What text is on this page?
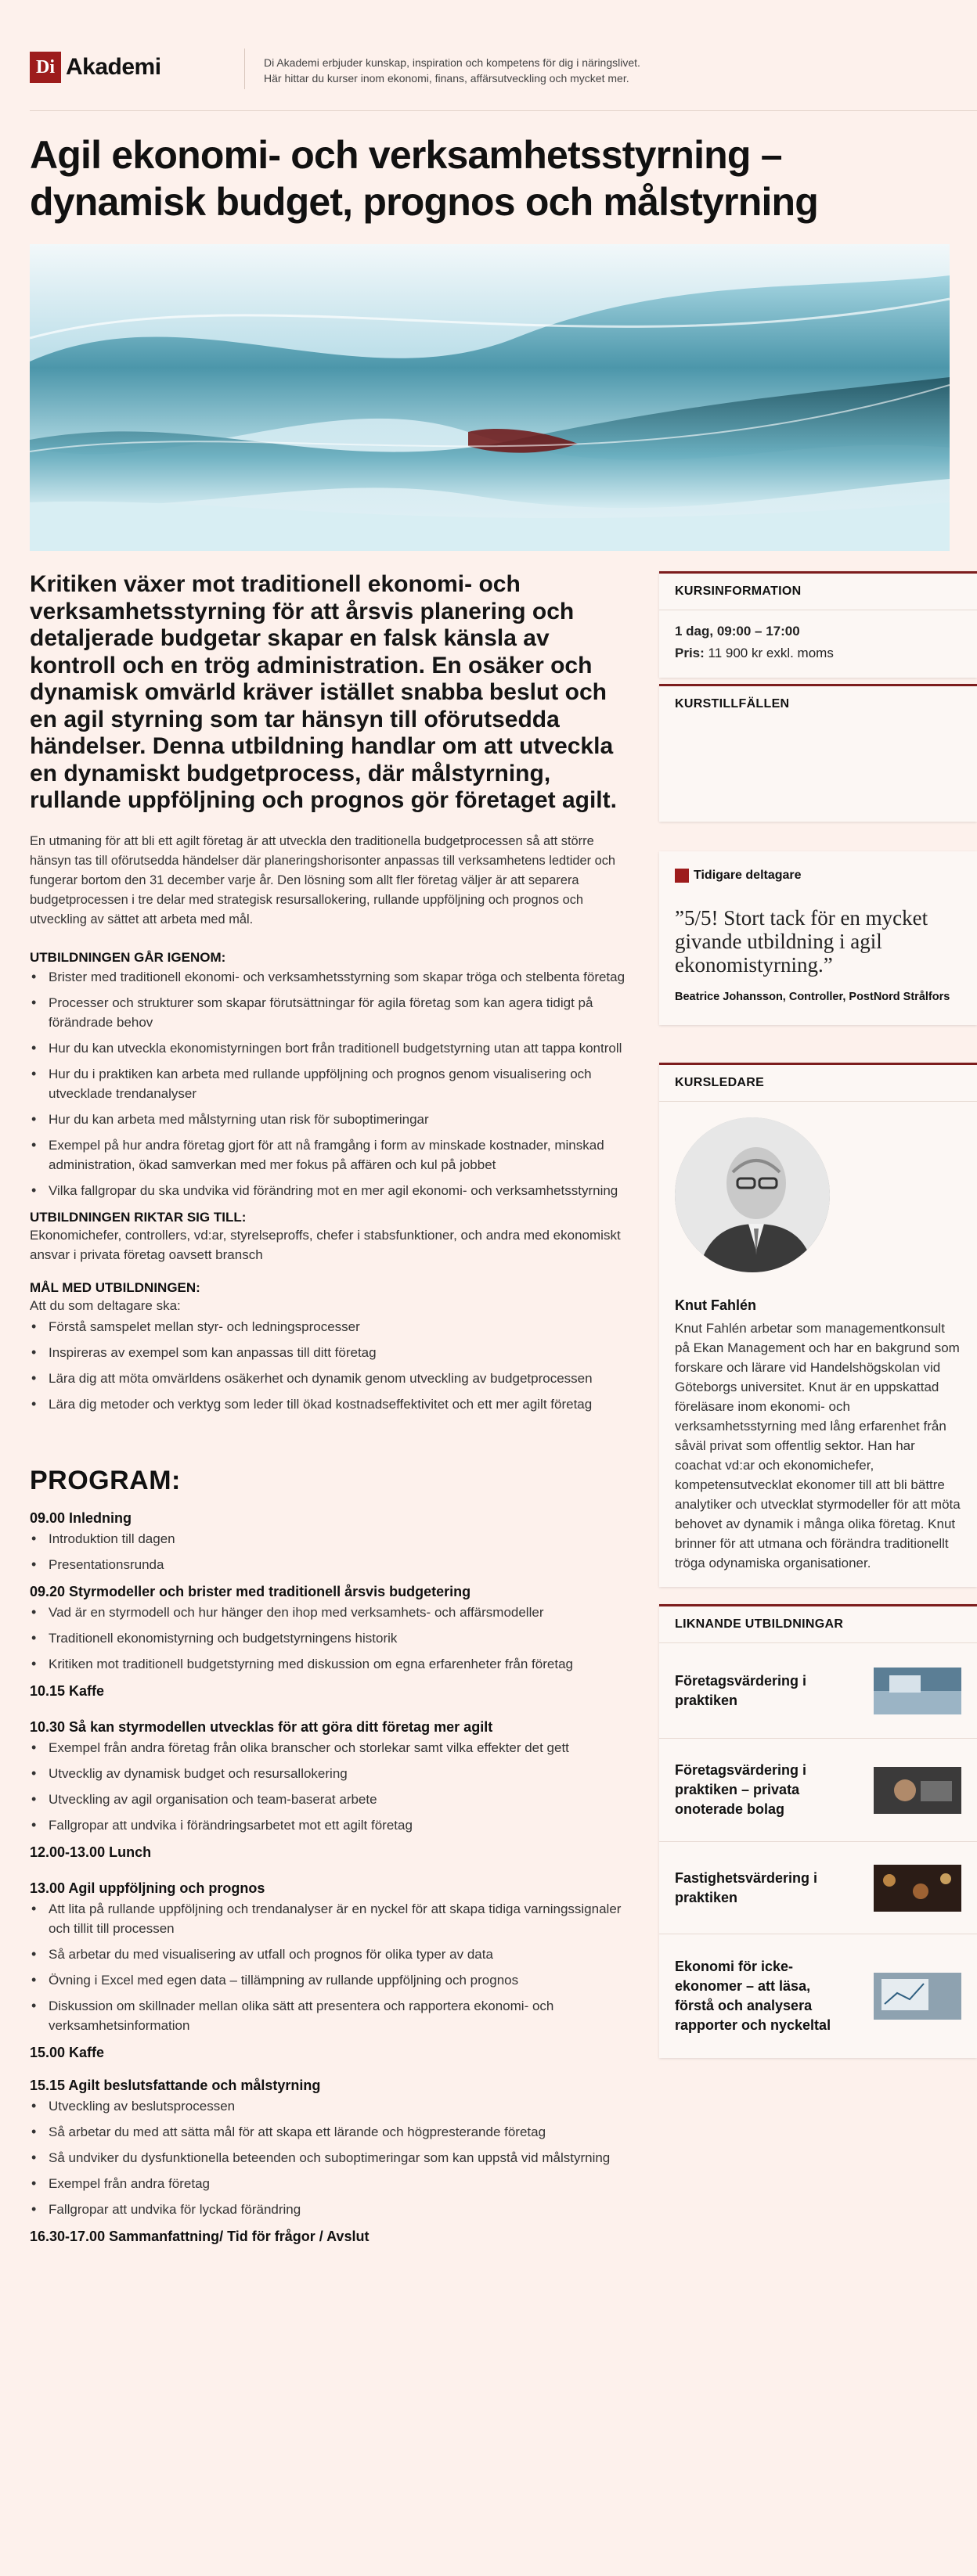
Di Akademi	Di Akademi erbjuder kunskap, inspiration och kompetens för dig i näringslivet.
Här hittar du kurser inom ekonomi, finans, affärsutveckling och mycket mer.
Agil ekonomi- och verksamhetsstyrning – dynamisk budget, prognos och målstyrning

Kritiken växer mot traditionell ekonomi- och verksamhetsstyrning för att årsvis planering och detaljerade budgetar skapar en falsk känsla av kontroll och en trög administration. En osäker och dynamisk omvärld kräver istället snabba beslut och en agil styrning som tar hänsyn till oförutsedda händelser. Denna utbildning handlar om att utveckla en dynamiskt budgetprocess, där målstyrning, rullande uppföljning och prognos gör företaget agilt.

En utmaning för att bli ett agilt företag är att utveckla den traditionella budgetprocessen så att större hänsyn tas till oförutsedda händelser där planeringshorisonter anpassas till verksamhetens ledtider och fungerar bortom den 31 december varje år. Den lösning som allt fler företag väljer är att separera budgetprocessen i tre delar med strategisk resursallokering, rullande uppföljning och prognos och utveckling av sättet att arbeta med mål.

UTBILDNINGEN GÅR IGENOM:
• Brister med traditionell ekonomi- och verksamhetsstyrning som skapar tröga och stelbenta företag
• Processer och strukturer som skapar förutsättningar för agila företag som kan agera tidigt på förändrade behov
• Hur du kan utveckla ekonomistyrningen bort från traditionell budgetstyrning utan att tappa kontroll
• Hur du i praktiken kan arbeta med rullande uppföljning och prognos genom visualisering och utvecklade trendanalyser
• Hur du kan arbeta med målstyrning utan risk för suboptimeringar
• Exempel på hur andra företag gjort för att nå framgång i form av minskade kostnader, minskad administration, ökad samverkan med mer fokus på affären och kul på jobbet
• Vilka fallgropar du ska undvika vid förändring mot en mer agil ekonomi- och verksamhetsstyrning
UTBILDNINGEN RIKTAR SIG TILL:

Ekonomichefer, controllers, vd:ar, styrelseproffs, chefer i stabsfunktioner, och andra med ekonomiskt ansvar i privata företag oavsett bransch

MÅL MED UTBILDNINGEN:

Att du som deltagare ska:

• Förstå samspelet mellan styr- och ledningsprocesser
• Inspireras av exempel som kan anpassas till ditt företag
• Lära dig att möta omvärldens osäkerhet och dynamik genom utveckling av budgetprocessen
• Lära dig metoder och verktyg som leder till ökad kostnadseffektivitet och ett mer agilt företag
PROGRAM:
09.00 Inledning
• Introduktion till dagen
• Presentationsrunda
09.20 Styrmodeller och brister med traditionell årsvis budgetering
• Vad är en styrmodell och hur hänger den ihop med verksamhets- och affärsmodeller
• Traditionell ekonomistyrning och budgetstyrningens historik
• Kritiken mot traditionell budgetstyrning med diskussion om egna erfarenheter från företag
10.15 Kaffe
10.30 Så kan styrmodellen utvecklas för att göra ditt företag mer agilt
• Exempel från andra företag från olika branscher och storlekar samt vilka effekter det gett
• Utvecklig av dynamisk budget och resursallokering
• Utveckling av agil organisation och team-baserat arbete
• Fallgropar att undvika i förändringsarbetet mot ett agilt företag
12.00-13.00 Lunch
13.00 Agil uppföljning och prognos
• Att lita på rullande uppföljning och trendanalyser är en nyckel för att skapa tidiga varningssignaler och tillit till processen
• Så arbetar du med visualisering av utfall och prognos för olika typer av data
• Övning i Excel med egen data – tillämpning av rullande uppföljning och prognos
• Diskussion om skillnader mellan olika sätt att presentera och rapportera ekonomi- och verksamhetsinformation
15.00 Kaffe
15.15 Agilt beslutsfattande och målstyrning
• Utveckling av beslutsprocessen
• Så arbetar du med att sätta mål för att skapa ett lärande och högpresterande företag
• Så undviker du dysfunktionella beteenden och suboptimeringar som kan uppstå vid målstyrning
• Exempel från andra företag
• Fallgropar att undvika för lyckad förändring
16.30-17.00 Sammanfattning/ Tid för frågor / Avslut
KURSINFORMATION
1 dag, 09:00 – 17:00
Pris: 11 900 kr exkl. moms
KURSTILLFÄLLEN
Tidigare deltagare
”5/5! Stort tack för en mycket givande utbildning i agil ekonomistyrning.”
Beatrice Johansson, Controller, PostNord Strålfors
KURSLEDARE
Knut Fahlén
Knut Fahlén arbetar som managementkonsult på Ekan Management och har en bakgrund som forskare och lärare vid Handelshögskolan vid Göteborgs universitet. Knut är en uppskattad föreläsare inom ekonomi- och verksamhetsstyrning med lång erfarenhet från såväl privat som offentlig sektor. Han har coachat vd:ar och ekonomichefer, kompetensutvecklat ekonomer till att bli bättre analytiker och utvecklat styrmodeller för att möta behovet av dynamik i många olika företag. Knut brinner för att utmana och förändra traditionellt tröga odynamiska organisationer.
LIKNANDE UTBILDNINGAR
Företagsvärdering i praktiken
Företagsvärdering i praktiken – privata onoterade bolag
Fastighetsvärdering i praktiken
Ekonomi för icke-ekonomer – att läsa, förstå och analysera rapporter och nyckeltal
